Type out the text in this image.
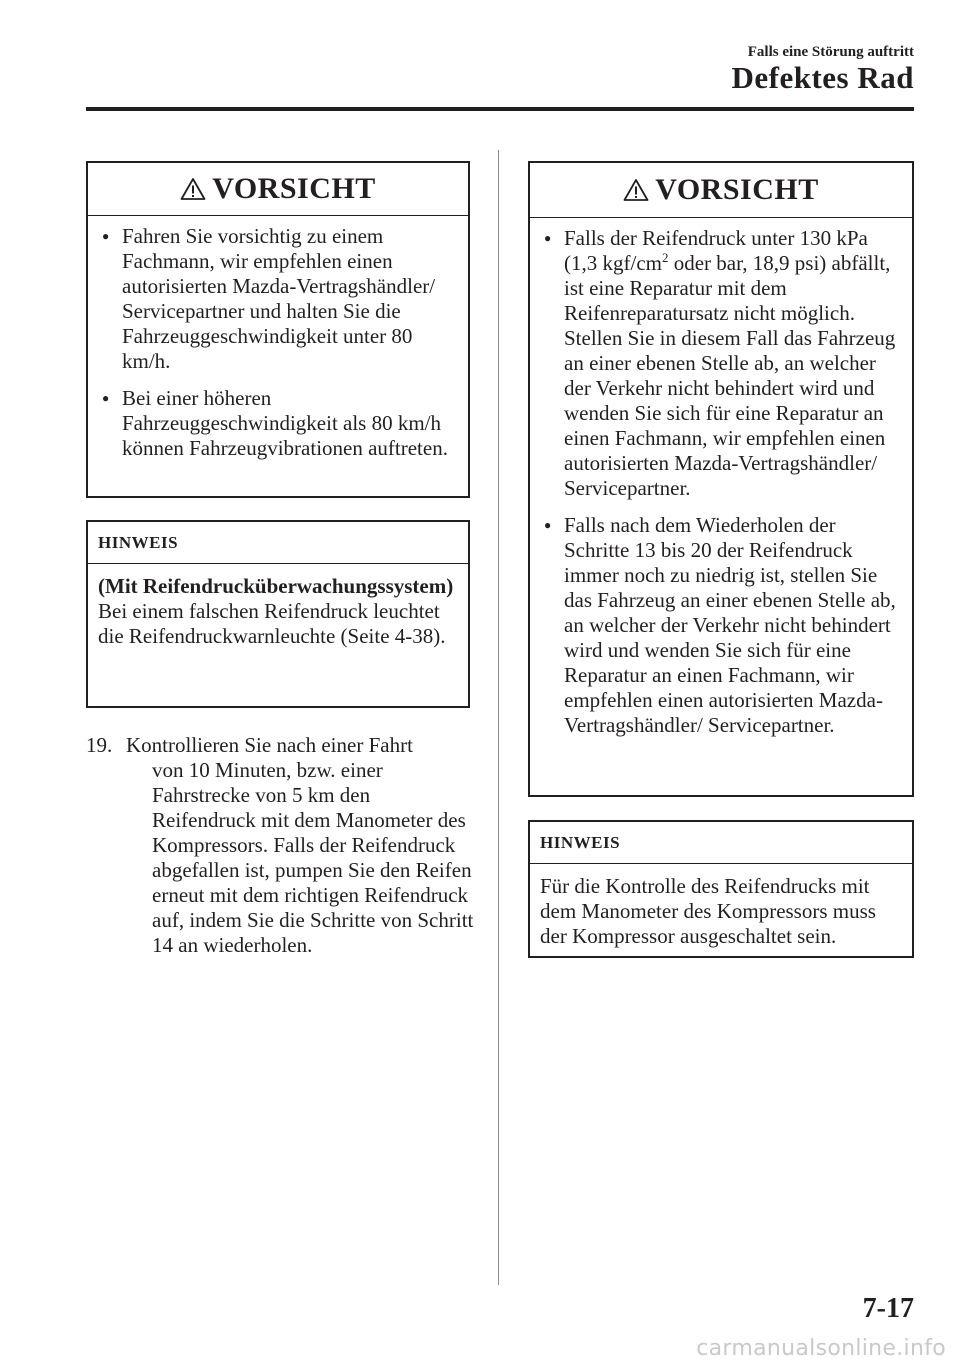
Falls eine Störung auftritt
Defektes Rad
VORSICHT
● Fahren Sie vorsichtig zu einem Fachmann, wir empfehlen einen autorisierten Mazda-Vertragshändler/ Servicepartner und halten Sie die Fahrzeuggeschwindigkeit unter 80 km/h.
● Bei einer höheren Fahrzeuggeschwindigkeit als 80 km/h können Fahrzeugvibrationen auftreten.
HINWEIS
(Mit Reifendrucküberwachungssystem)
Bei einem falschen Reifendruck leuchtet die Reifendruckwarnleuchte (Seite 4-38).
19. Kontrollieren Sie nach einer Fahrt
von 10 Minuten, bzw. einer Fahrstrecke von 5 km den Reifendruck mit dem Manometer des Kompressors. Falls der Reifendruck abgefallen ist, pumpen Sie den Reifen erneut mit dem richtigen Reifendruck auf, indem Sie die Schritte von Schritt 14 an wiederholen.
VORSICHT
● Falls der Reifendruck unter 130 kPa (1,3 kgf/$cm^2$ oder bar, 18,9 psi) abfällt, ist eine Reparatur mit dem Reifenreparatursatz nicht möglich. Stellen Sie in diesem Fall das Fahrzeug an einer ebenen Stelle ab, an welcher der Verkehr nicht behindert wird und wenden Sie sich für eine Reparatur an einen Fachmann, wir empfehlen einen autorisierten Mazda-Vertragshändler/ Servicepartner.
● Falls nach dem Wiederholen der Schritte 13 bis 20 der Reifendruck immer noch zu niedrig ist, stellen Sie das Fahrzeug an einer ebenen Stelle ab, an welcher der Verkehr nicht behindert wird und wenden Sie sich für eine Reparatur an einen Fachmann, wir empfehlen einen autorisierten Mazda-Vertragshändler/ Servicepartner.
HINWEIS
Für die Kontrolle des Reifendrucks mit dem Manometer des Kompressors muss der Kompressor ausgeschaltet sein.
7-17
carmanualsonline.info
